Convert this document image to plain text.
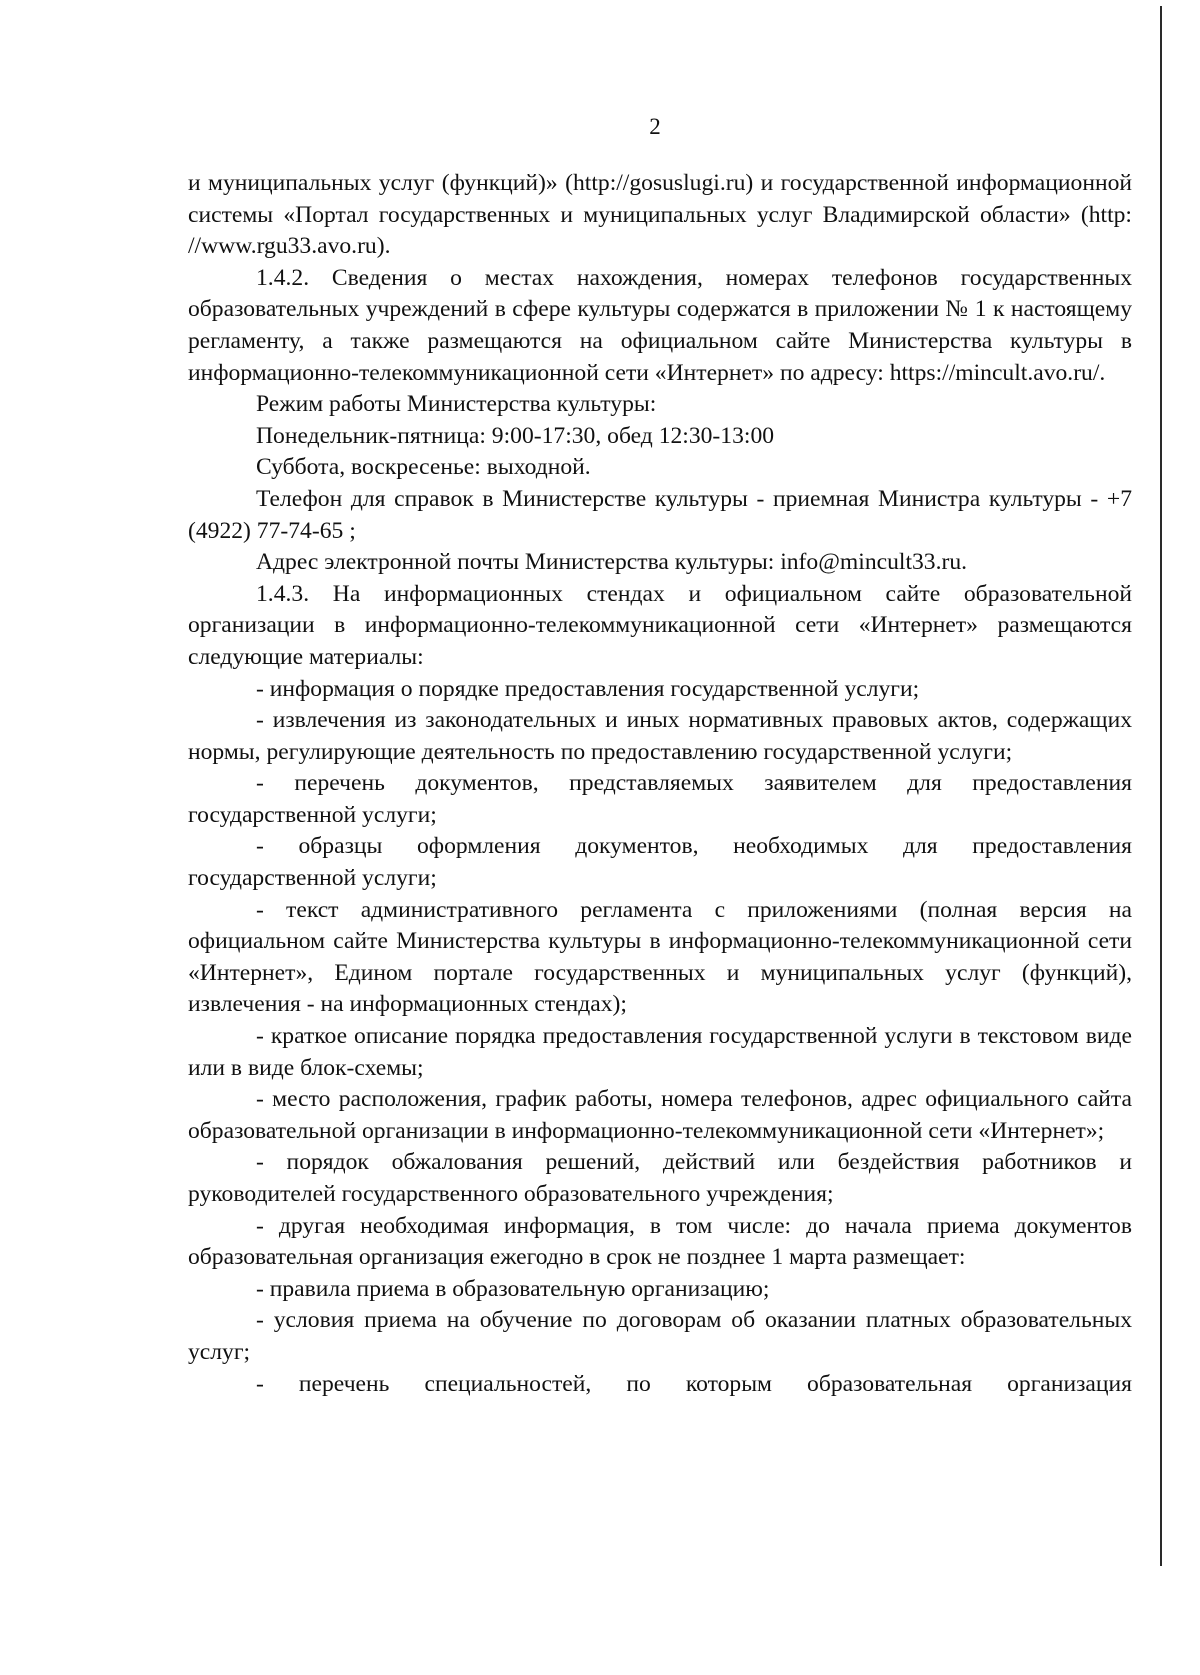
2

и муниципальных услуг (функций)» (http://gosuslugi.ru) и государственной информационной системы «Портал государственных и муниципальных услуг Владимирской области» (http: //www.rgu33.avo.ru).

1.4.2. Сведения о местах нахождения, номерах телефонов государственных образовательных учреждений в сфере культуры содержатся в приложении № 1 к настоящему регламенту, а также размещаются на официальном сайте Министерства культуры в информационно-телекоммуникационной сети «Интернет» по адресу: https://mincult.avo.ru/.

Режим работы Министерства культуры:

Понедельник-пятница: 9:00-17:30, обед 12:30-13:00

Суббота, воскресенье: выходной.

Телефон для справок в Министерстве культуры - приемная Министра культуры - +7 (4922) 77-74-65 ;

Адрес электронной почты Министерства культуры: info@mincult33.ru.

1.4.3. На информационных стендах и официальном сайте образовательной организации в информационно-телекоммуникационной сети «Интернет» размещаются следующие материалы:

- информация о порядке предоставления государственной услуги;

- извлечения из законодательных и иных нормативных правовых актов, содержащих нормы, регулирующие деятельность по предоставлению государственной услуги;

- перечень документов, представляемых заявителем для предоставления государственной услуги;

- образцы оформления документов, необходимых для предоставления государственной услуги;

- текст административного регламента с приложениями (полная версия на официальном сайте Министерства культуры в информационно-телекоммуникационной сети «Интернет», Едином портале государственных и муниципальных услуг (функций), извлечения - на информационных стендах);

- краткое описание порядка предоставления государственной услуги в текстовом виде или в виде блок-схемы;

- место расположения, график работы, номера телефонов, адрес официального сайта образовательной организации в информационно-телекоммуникационной сети «Интернет»;

- порядок обжалования решений, действий или бездействия работников и руководителей государственного образовательного учреждения;

- другая необходимая информация, в том числе: до начала приема документов образовательная организация ежегодно в срок не позднее 1 марта размещает:

- правила приема в образовательную организацию;

- условия приема на обучение по договорам об оказании платных образовательных услуг;

- перечень специальностей, по которым образовательная организация
